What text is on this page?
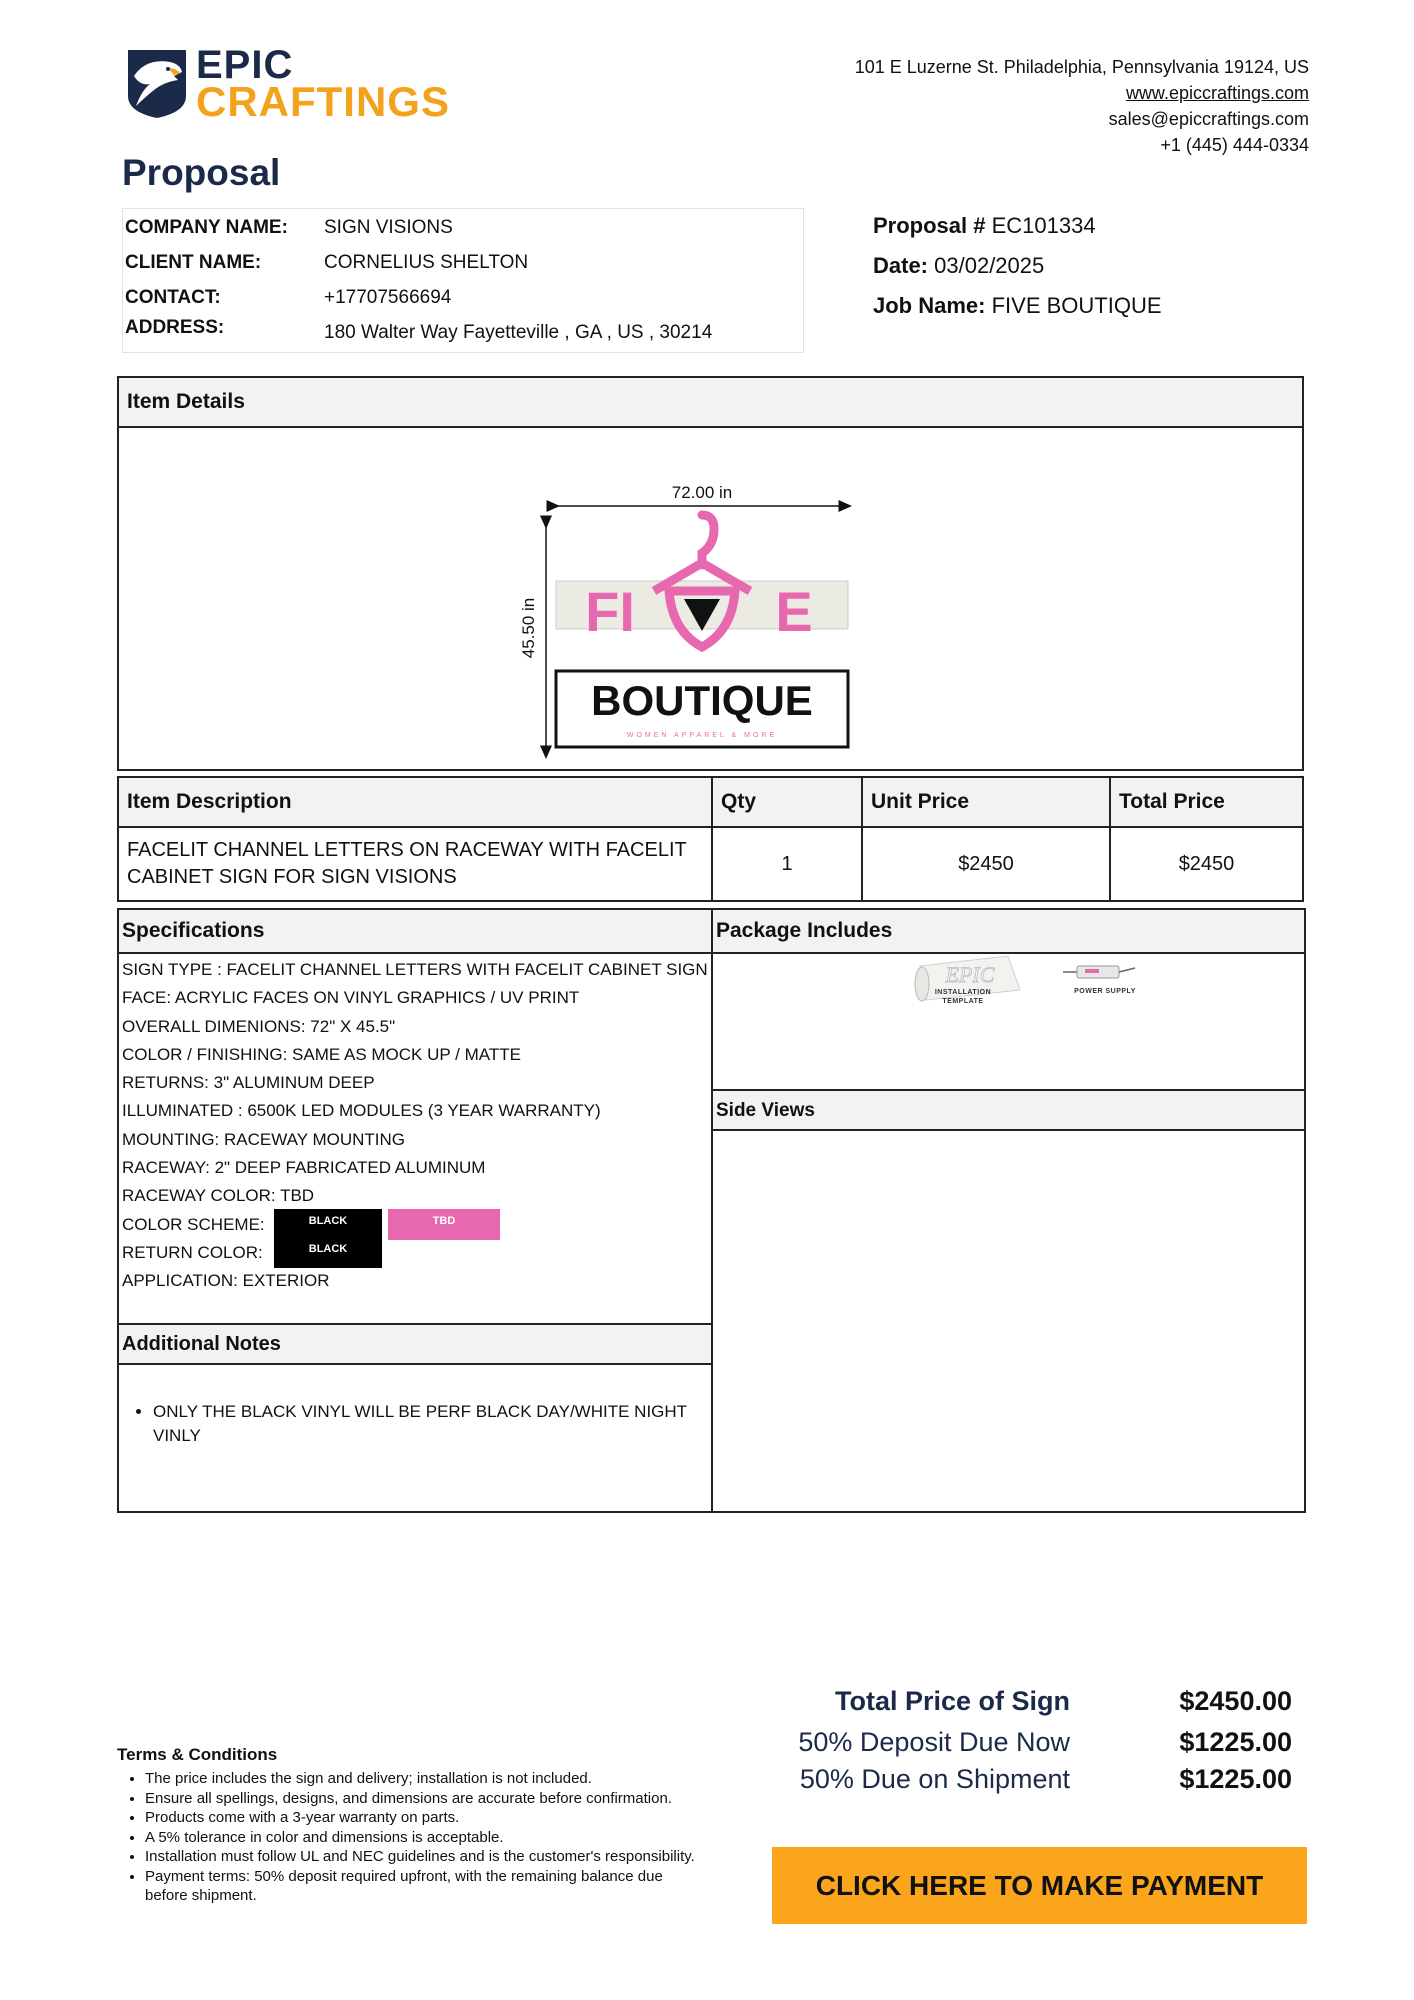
EPIC
CRAFTINGS
101 E Luzerne St. Philadelphia, Pennsylvania 19124, US
www.epiccraftings.com
sales@epiccraftings.com
+1 (445) 444-0334
Proposal
COMPANY NAME: SIGN VISIONS
CLIENT NAME:	CORNELIUS SHELTON
CONTACT:	+17707566694
ADDRESS:	180 Walter Way Fayetteville , GA , US , 30214
Proposal # EC101334
Date: 03/02/2025
Job Name: FIVE BOUTIQUE
Item Details
72.00 in
45.50 in FI	E
BOUTIQUE
WOMEN APPAREL & MORE
Item Description	Qty	Unit Price	Total Price
FACELIT CHANNEL LETTERS ON RACEWAY WITH FACELIT CABINET SIGN FOR SIGN VISIONS	1	$2450	$2450
Specifications
SIGN TYPE : FACELIT CHANNEL LETTERS WITH FACELIT CABINET SIGN
FACE: ACRYLIC FACES ON VINYL GRAPHICS / UV PRINT
OVERALL DIMENIONS: 72" X 45.5"
COLOR / FINISHING: SAME AS MOCK UP / MATTE
RETURNS: 3" ALUMINUM DEEP
ILLUMINATED : 6500K LED MODULES (3 YEAR WARRANTY)
MOUNTING: RACEWAY MOUNTING
RACEWAY: 2" DEEP FABRICATED ALUMINUM
RACEWAY COLOR: TBD
COLOR SCHEME:	BLACK	TBD
RETURN COLOR:	BLACK
APPLICATION: EXTERIOR
Additional Notes
• ONLY THE BLACK VINYL WILL BE PERF BLACK DAY/WHITE NIGHT VINLY
Package Includes
EPIC
INSTALLATION TEMPLATE
POWER SUPPLY
Side Views
Total Price of Sign	$2450.00
50% Deposit Due Now	$1225.00
50% Due on Shipment	$1225.00
Terms & Conditions
• The price includes the sign and delivery; installation is not included.
• Ensure all spellings, designs, and dimensions are accurate before confirmation.
• Products come with a 3-year warranty on parts.
• A 5% tolerance in color and dimensions is acceptable.
• Installation must follow UL and NEC guidelines and is the customer's responsibility.
• Payment terms: 50% deposit required upfront, with the remaining balance due before shipment.	CLICK HERE TO MAKE PAYMENT
